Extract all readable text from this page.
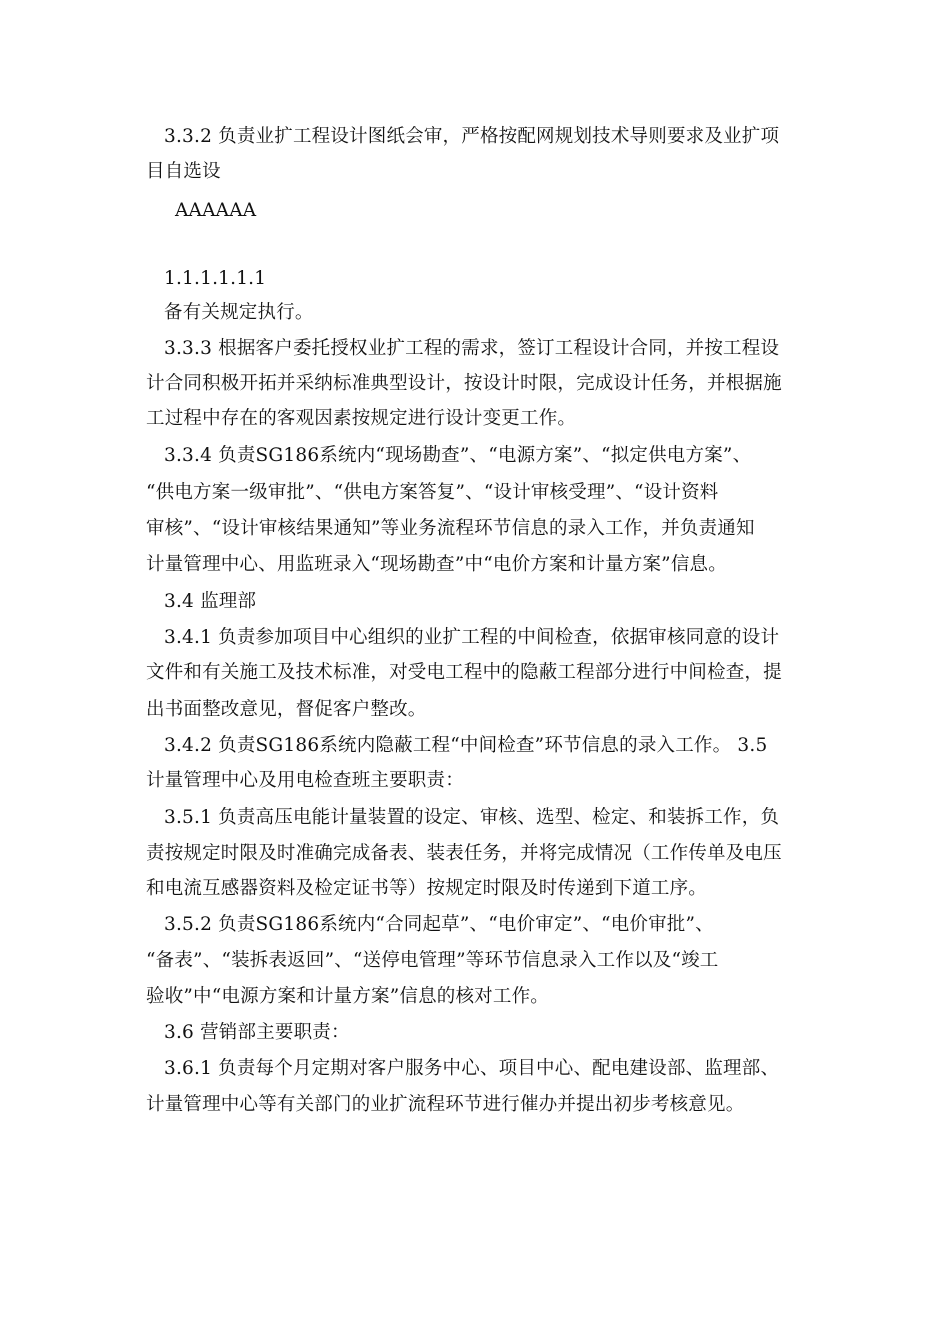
3.3.2 负责业扩工程设计图纸会审，严格按配网规划技术导则要求及业扩项
目自选设
AAAAAA
1.1.1.1.1.1
备有关规定执行。
3.3.3 根据客户委托授权业扩工程的需求，签订工程设计合同，并按工程设
计合同积极开拓并采纳标准典型设计，按设计时限，完成设计任务，并根据施
工过程中存在的客观因素按规定进行设计变更工作。
3.3.4 负责SG186系统内“现场勘查”、“电源方案”、“拟定供电方案”、
“供电方案一级审批”、“供电方案答复”、“设计审核受理”、“设计资料
审核”、“设计审核结果通知”等业务流程环节信息的录入工作，并负责通知
计量管理中心、用监班录入“现场勘查”中“电价方案和计量方案”信息。
3.4 监理部
3.4.1 负责参加项目中心组织的业扩工程的中间检查，依据审核同意的设计
文件和有关施工及技术标准，对受电工程中的隐蔽工程部分进行中间检查，提
出书面整改意见，督促客户整改。
3.4.2 负责SG186系统内隐蔽工程“中间检查”环节信息的录入工作。 3.5
计量管理中心及用电检查班主要职责：
3.5.1 负责高压电能计量装置的设定、审核、选型、检定、和装拆工作，负
责按规定时限及时准确完成备表、装表任务，并将完成情况（工作传单及电压
和电流互感器资料及检定证书等）按规定时限及时传递到下道工序。
3.5.2 负责SG186系统内“合同起草”、“电价审定”、“电价审批”、
“备表”、“装拆表返回”、“送停电管理”等环节信息录入工作以及“竣工
验收”中“电源方案和计量方案”信息的核对工作。
3.6 营销部主要职责：
3.6.1 负责每个月定期对客户服务中心、项目中心、配电建设部、监理部、
计量管理中心等有关部门的业扩流程环节进行催办并提出初步考核意见。
